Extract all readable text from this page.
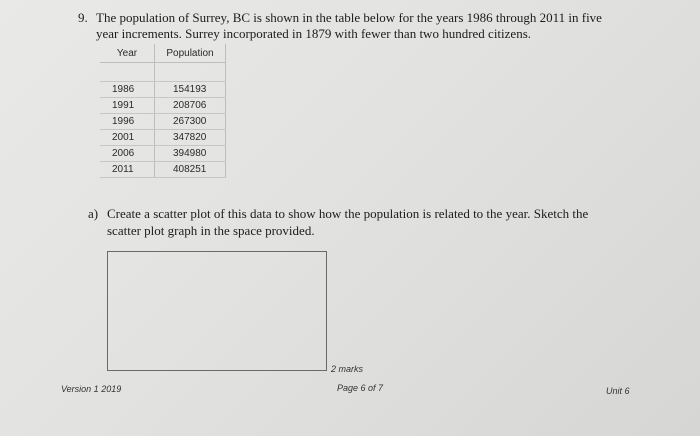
9. The population of Surrey, BC is shown in the table below for the years 1986 through 2011 in five
year increments. Surrey incorporated in 1879 with fewer than two hundred citizens.
Year	Population

1986	154193
1991	208706
1996	267300
2001	347820
2006	394980
2011	408251
a) Create a scatter plot of this data to show how the population is related to the year. Sketch the
scatter plot graph in the space provided.
2 marks
Version 1 2019	Page 6 of 7	Unit 6
